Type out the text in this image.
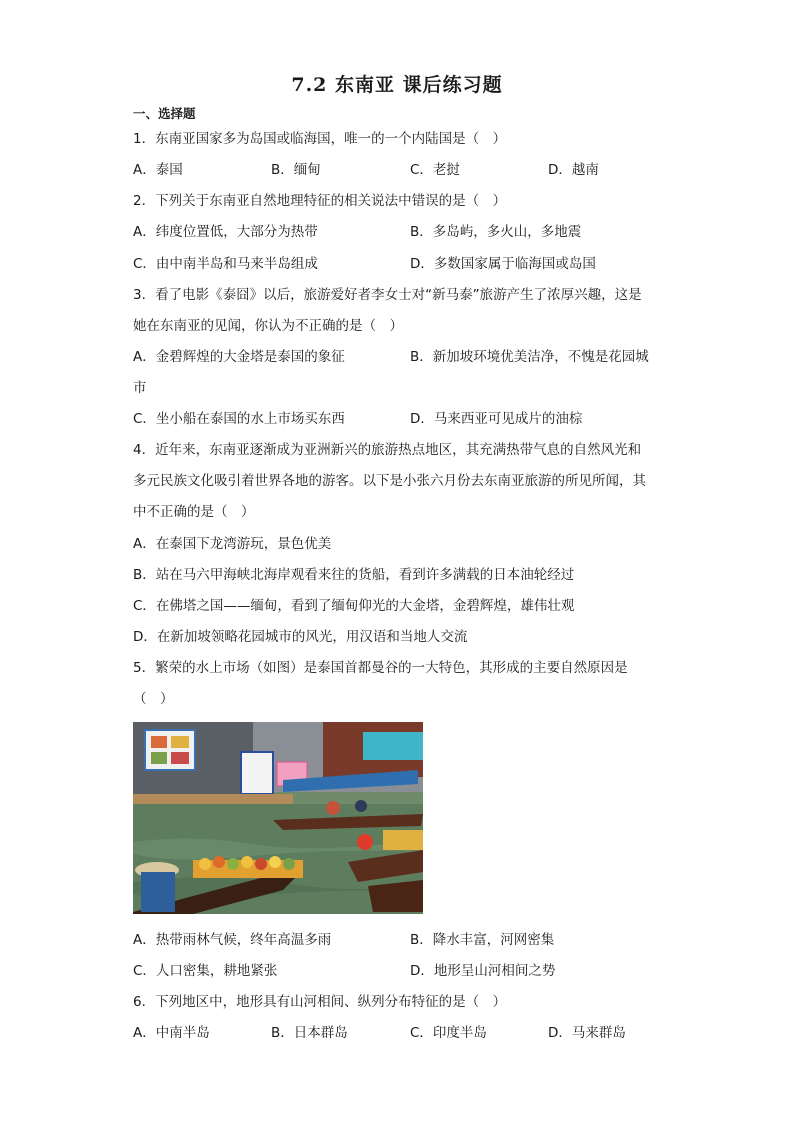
7.2 东南亚 课后练习题
一、选择题
1．东南亚国家多为岛国或临海国，唯一的一个内陆国是（　）
A．泰国	B．缅甸	C．老挝	D．越南
2．下列关于东南亚自然地理特征的相关说法中错误的是（　）
A．纬度位置低，大部分为热带	B．多岛屿，多火山，多地震
C．由中南半岛和马来半岛组成	D．多数国家属于临海国或岛国
3．看了电影《泰囧》以后，旅游爱好者李女士对“新马泰”旅游产生了浓厚兴趣，这是
她在东南亚的见闻，你认为不正确的是（　）
A．金碧辉煌的大金塔是泰国的象征	B．新加坡环境优美洁净，不愧是花园城
市
C．坐小船在泰国的水上市场买东西	D．马来西亚可见成片的油棕
4．近年来，东南亚逐渐成为亚洲新兴的旅游热点地区，其充满热带气息的自然风光和
多元民族文化吸引着世界各地的游客。以下是小张六月份去东南亚旅游的所见所闻，其
中不正确的是（　）
A．在泰国下龙湾游玩，景色优美
B．站在马六甲海峡北海岸观看来往的货船，看到许多满载的日本油轮经过
C．在佛塔之国——缅甸，看到了缅甸仰光的大金塔，金碧辉煌，雄伟壮观
D．在新加坡领略花园城市的风光，用汉语和当地人交流
5．繁荣的水上市场（如图）是泰国首都曼谷的一大特色，其形成的主要自然原因是
（　）
A．热带雨林气候，终年高温多雨	B．降水丰富，河网密集
C．人口密集，耕地紧张	D．地形呈山河相间之势
6．下列地区中，地形具有山河相间、纵列分布特征的是（　）
A．中南半岛	B．日本群岛	C．印度半岛	D．马来群岛
